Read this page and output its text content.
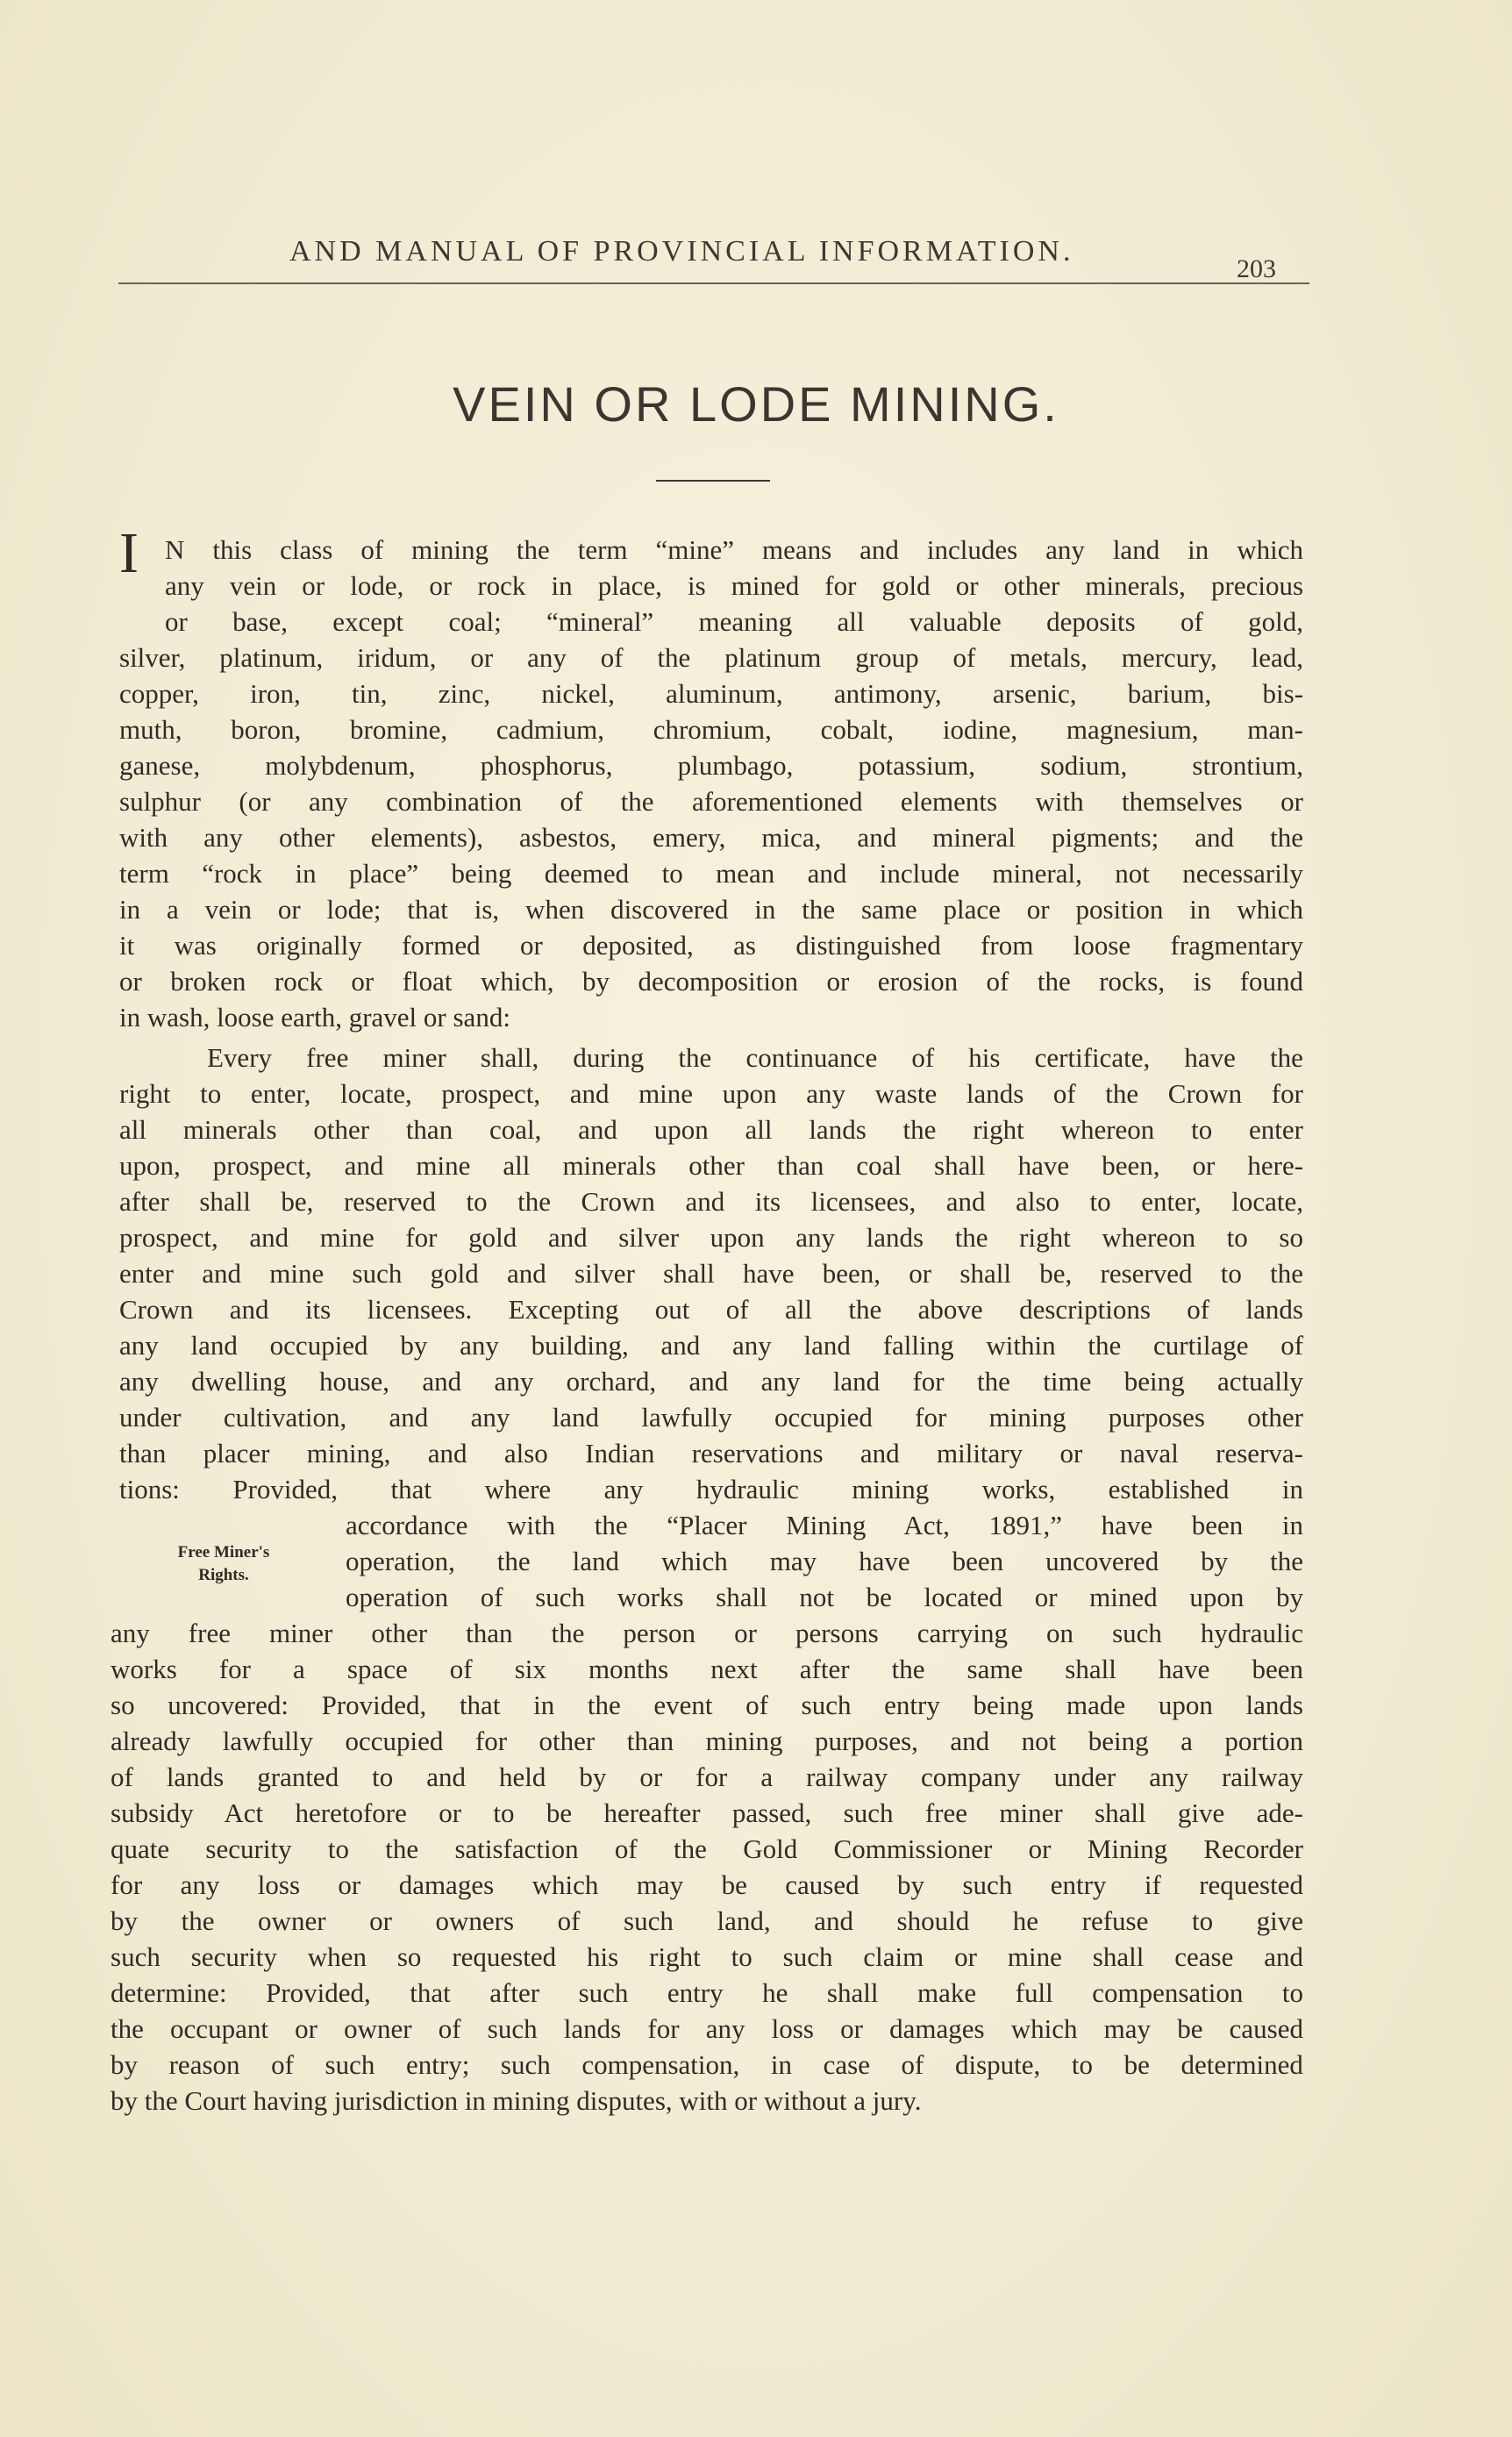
AND MANUAL OF PROVINCIAL INFORMATION.
203
VEIN OR LODE MINING.
I
Free Miner's
Rights.
N this class of mining the term “mine” means and includes any land in which
any vein or lode, or rock in place, is mined for gold or other minerals, precious
or base, except coal; “mineral” meaning all valuable deposits of gold,
silver, platinum, iridum, or any of the platinum group of metals, mercury, lead,
copper, iron, tin, zinc, nickel, aluminum, antimony, arsenic, barium, bis-
muth, boron, bromine, cadmium, chromium, cobalt, iodine, magnesium, man-
ganese, molybdenum, phosphorus, plumbago, potassium, sodium, strontium,
sulphur (or any combination of the aforementioned elements with themselves or
with any other elements), asbestos, emery, mica, and mineral pigments; and the
term “rock in place” being deemed to mean and include mineral, not necessarily
in a vein or lode; that is, when discovered in the same place or position in which
it was originally formed or deposited, as distinguished from loose fragmentary
or broken rock or float which, by decomposition or erosion of the rocks, is found
in wash, loose earth, gravel or sand:
Every free miner shall, during the continuance of his certificate, have the
right to enter, locate, prospect, and mine upon any waste lands of the Crown for
all minerals other than coal, and upon all lands the right whereon to enter
upon, prospect, and mine all minerals other than coal shall have been, or here-
after shall be, reserved to the Crown and its licensees, and also to enter, locate,
prospect, and mine for gold and silver upon any lands the right whereon to so
enter and mine such gold and silver shall have been, or shall be, reserved to the
Crown and its licensees. Excepting out of all the above descriptions of lands
any land occupied by any building, and any land falling within the curtilage of
any dwelling house, and any orchard, and any land for the time being actually
under cultivation, and any land lawfully occupied for mining purposes other
than placer mining, and also Indian reservations and military or naval reserva-
tions: Provided, that where any hydraulic mining works, established in
accordance with the “Placer Mining Act, 1891,” have been in
operation, the land which may have been uncovered by the
operation of such works shall not be located or mined upon by
any free miner other than the person or persons carrying on such hydraulic
works for a space of six months next after the same shall have been
so uncovered: Provided, that in the event of such entry being made upon lands
already lawfully occupied for other than mining purposes, and not being a portion
of lands granted to and held by or for a railway company under any railway
subsidy Act heretofore or to be hereafter passed, such free miner shall give ade-
quate security to the satisfaction of the Gold Commissioner or Mining Recorder
for any loss or damages which may be caused by such entry if requested
by the owner or owners of such land, and should he refuse to give
such security when so requested his right to such claim or mine shall cease and
determine: Provided, that after such entry he shall make full compensation to
the occupant or owner of such lands for any loss or damages which may be caused
by reason of such entry; such compensation, in case of dispute, to be determined
by the Court having jurisdiction in mining disputes, with or without a jury.
